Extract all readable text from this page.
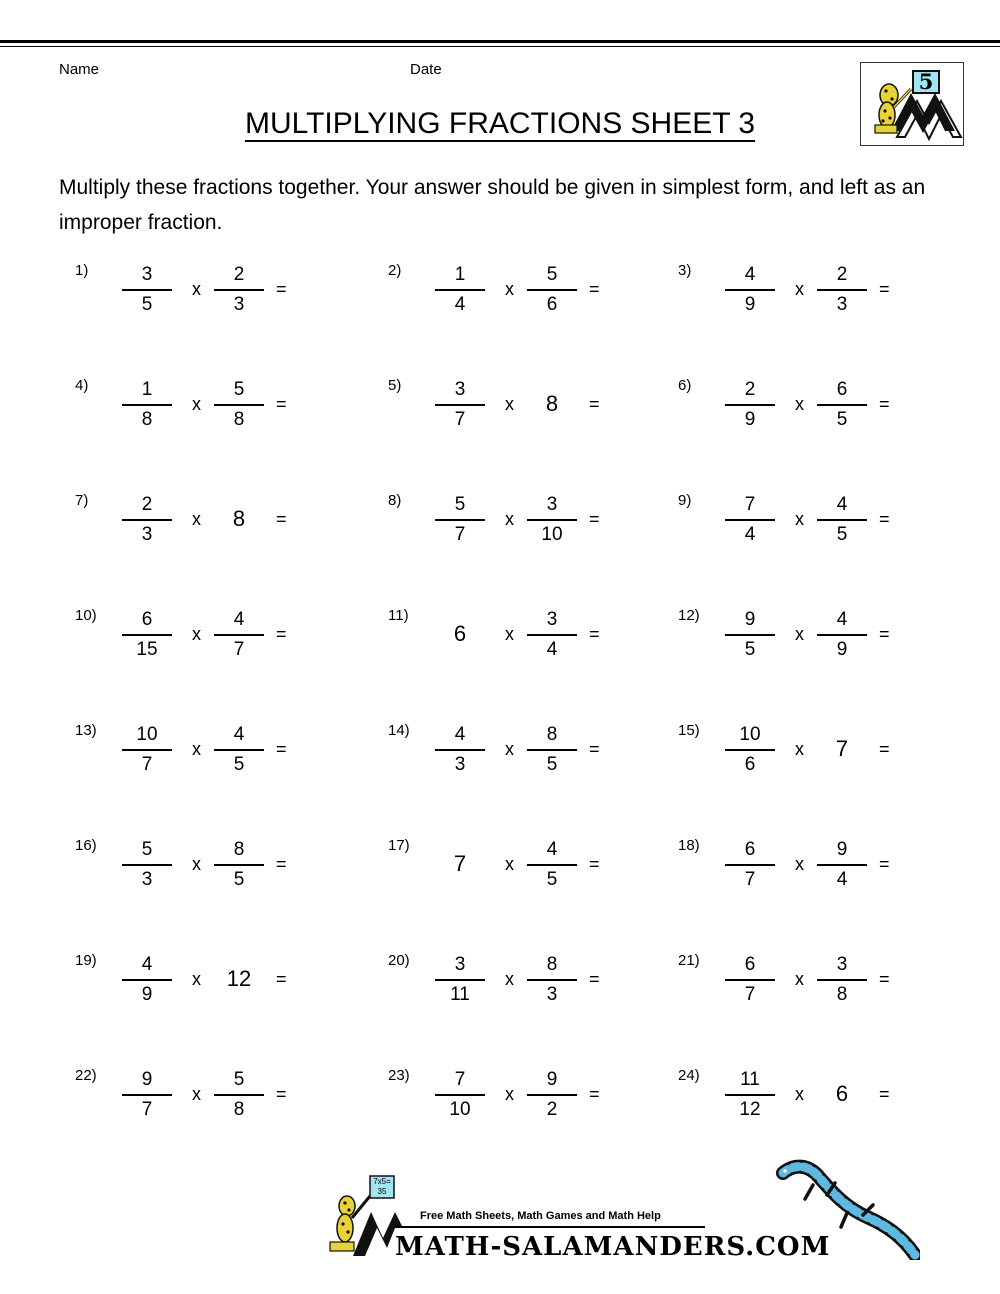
Name	Date	5
MULTIPLYING FRACTIONS SHEET 3
Multiply these fractions together. Your answer should be given in simplest form, and left as an improper fraction.
1)	3
5
x
2
3
=
2)	1
4
x
5
6
=
3)	4
9
x
2
3
=
4)	1
8
x
5
8
=
5)	3
7
x	8	=
6)	2
9
x
6
5
=
7)	2
3
x	8	=
8)	5
7
x
3
10
=
9)	7
4
x
4
5
=
10)	6
15
x
4
7
=
11)
6	x
3
4
=
12)	9
5
x
4
9
=
13)	10
7
x
4
5
=
14)	4
3
x
8
5
=
15)	10
6
x	7	=
16)	5
3
x
8
5
=
17)
7	x
4
5
=
18)	6
7
x
9
4
=
19)	4
9
x	12	=
20)	3
11
x
8
3
=
21)	6
7
x
3
8
=
22)	9
7
x
5
8
=
23)	7
10
x
9
2
=
24)	11
12
x	6	=
7x5= 35
Free Math Sheets, Math Games and Math Help
MATH-SALAMANDERS.COM
